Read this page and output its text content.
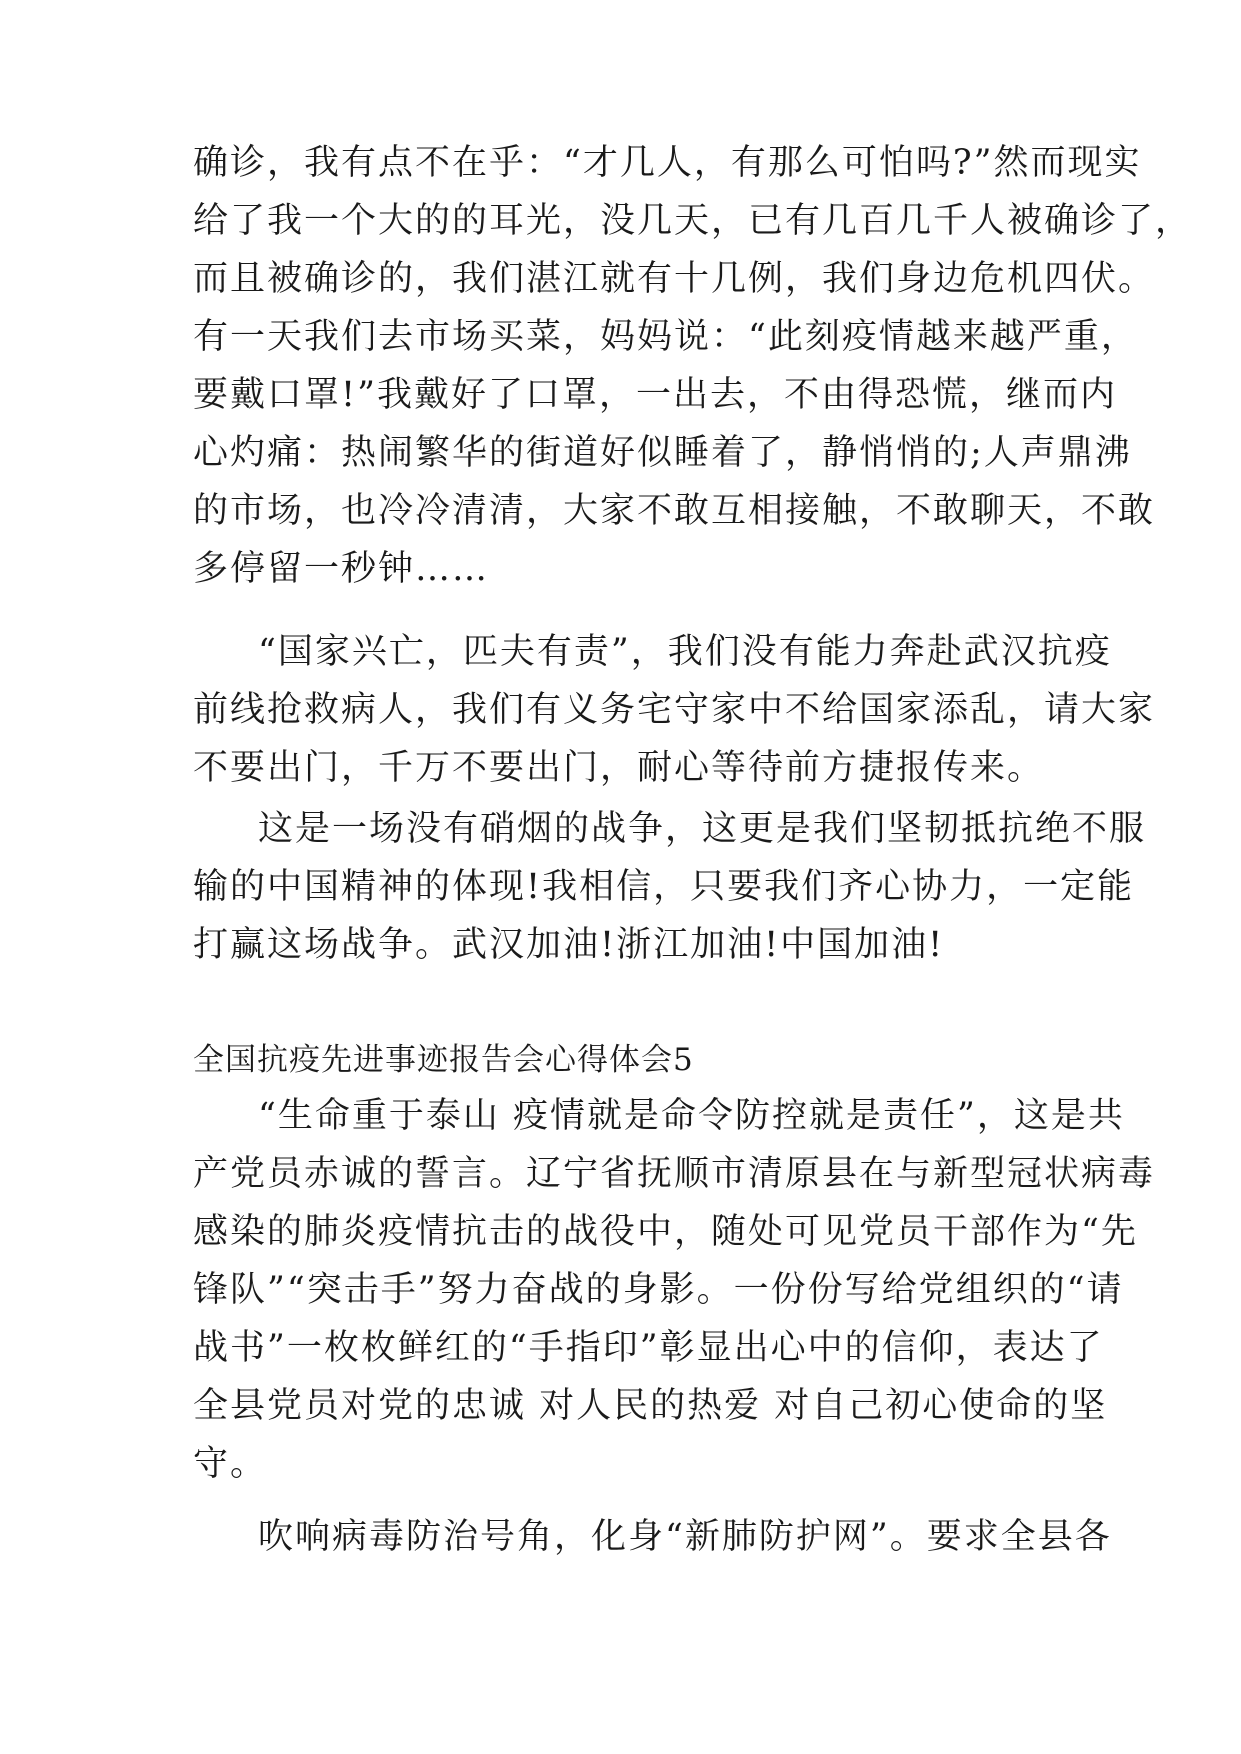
确诊，我有点不在乎：“才几人，有那么可怕吗?”然而现实
给了我一个大的的耳光，没几天，已有几百几千人被确诊了，
而且被确诊的，我们湛江就有十几例，我们身边危机四伏。
有一天我们去市场买菜，妈妈说：“此刻疫情越来越严重，
要戴口罩!”我戴好了口罩，一出去，不由得恐慌，继而内
心灼痛：热闹繁华的街道好似睡着了，静悄悄的;人声鼎沸
的市场，也冷冷清清，大家不敢互相接触，不敢聊天，不敢
多停留一秒钟……
“国家兴亡，匹夫有责”，我们没有能力奔赴武汉抗疫
前线抢救病人，我们有义务宅守家中不给国家添乱，请大家
不要出门，千万不要出门，耐心等待前方捷报传来。
这是一场没有硝烟的战争，这更是我们坚韧抵抗绝不服
输的中国精神的体现!我相信，只要我们齐心协力，一定能
打赢这场战争。武汉加油!浙江加油!中国加油!
全国抗疫先进事迹报告会心得体会5
“生命重于泰山 疫情就是命令防控就是责任”，这是共
产党员赤诚的誓言。辽宁省抚顺市清原县在与新型冠状病毒
感染的肺炎疫情抗击的战役中，随处可见党员干部作为“先
锋队”“突击手”努力奋战的身影。一份份写给党组织的“请
战书”一枚枚鲜红的“手指印”彰显出心中的信仰，表达了
全县党员对党的忠诚 对人民的热爱 对自己初心使命的坚
守。
吹响病毒防治号角，化身“新肺防护网”。要求全县各
